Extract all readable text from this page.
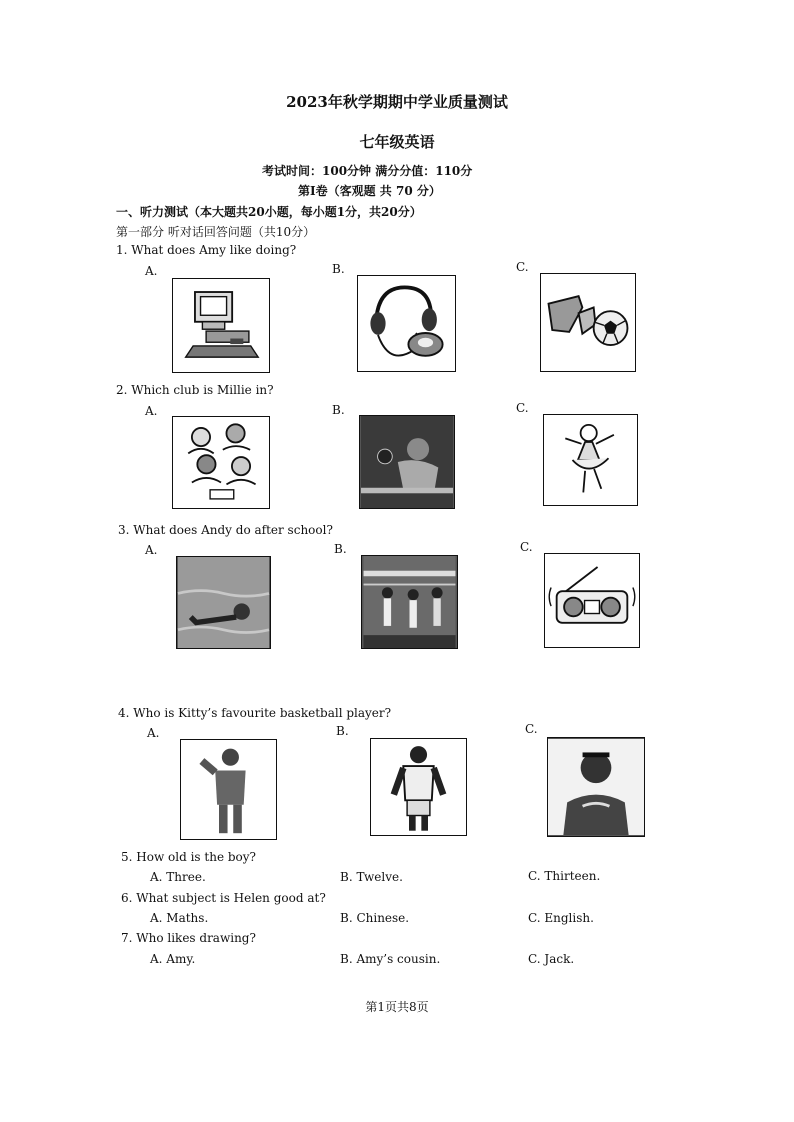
2023年秋学期期中学业质量测试
七年级英语
考试时间：100分钟 满分分值：110分
第Ⅰ卷（客观题 共 70 分）
一、听力测试（本大题共20小题，每小题1分，共20分）
第一部分 听对话回答问题（共10分）
1. What does Amy like doing?
A.	B.	C.
2. Which club is Millie in?
A.	B.	C.
3. What does Andy do after school?
A.	B.	C.
4. Who is Kitty’s favourite basketball player?
A.	B.	C.
5. How old is the boy?
A. Three.	B. Twelve.	C. Thirteen.
6. What subject is Helen good at?
A. Maths.	B. Chinese.	C. English.
7. Who likes drawing?
A. Amy.	B. Amy’s cousin.	C. Jack.
第1页共8页
